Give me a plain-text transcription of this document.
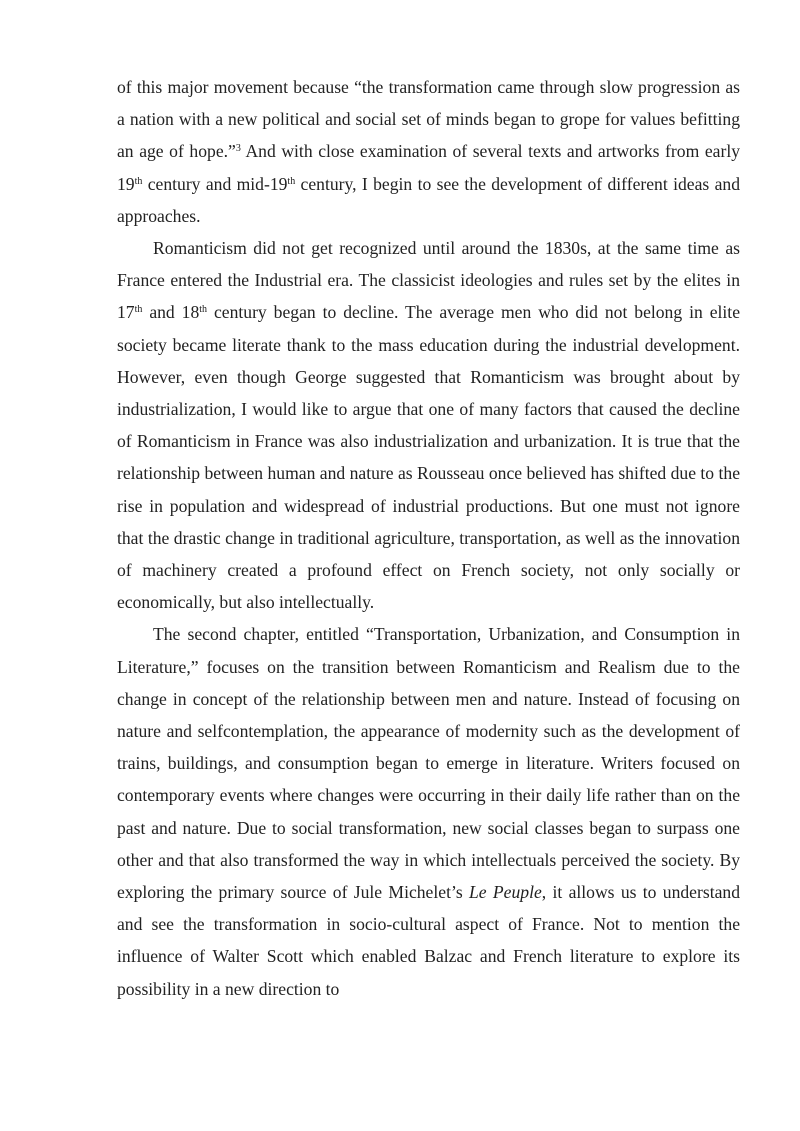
of this major movement because “the transformation came through slow progression as a nation with a new political and social set of minds began to grope for values befitting an age of hope.”$^3$ And with close examination of several texts and artworks from early 19th century and mid-19th century, I begin to see the development of different ideas and approaches.

Romanticism did not get recognized until around the 1830s, at the same time as France entered the Industrial era. The classicist ideologies and rules set by the elites in 17th and 18th century began to decline. The average men who did not belong in elite society became literate thank to the mass education during the industrial development. However, even though George suggested that Romanticism was brought about by industrialization, I would like to argue that one of many factors that caused the decline of Romanticism in France was also industrialization and urbanization. It is true that the relationship between human and nature as Rousseau once believed has shifted due to the rise in population and widespread of industrial productions. But one must not ignore that the drastic change in traditional agriculture, transportation, as well as the innovation of machinery created a profound effect on French society, not only socially or economically, but also intellectually.

The second chapter, entitled “Transportation, Urbanization, and Consumption in Literature,” focuses on the transition between Romanticism and Realism due to the change in concept of the relationship between men and nature. Instead of focusing on nature and selfcontemplation, the appearance of modernity such as the development of trains, buildings, and consumption began to emerge in literature. Writers focused on contemporary events where changes were occurring in their daily life rather than on the past and nature. Due to social transformation, new social classes began to surpass one other and that also transformed the way in which intellectuals perceived the society. By exploring the primary source of Jule Michelet’s Le Peuple, it allows us to understand and see the transformation in socio-cultural aspect of France. Not to mention the influence of Walter Scott which enabled Balzac and French literature to explore its possibility in a new direction to
